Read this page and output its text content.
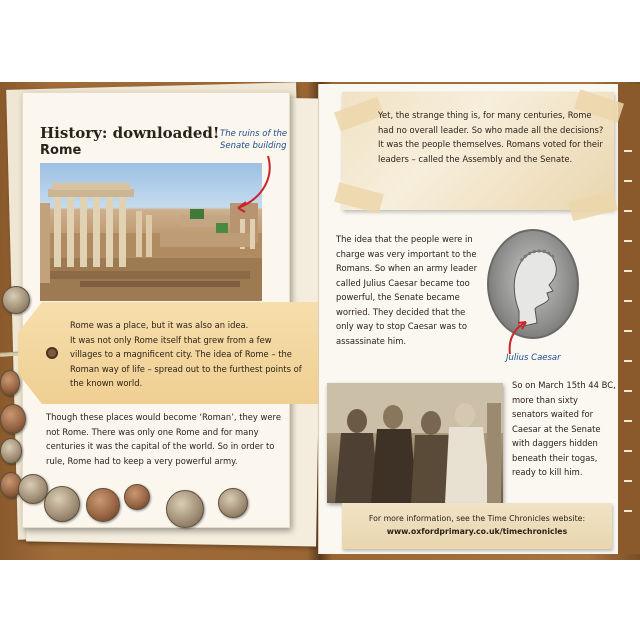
History: downloaded!
Rome
The ruins of the Senate building

Rome was a place, but it was also an idea.

It was not only Rome itself that grew from a few villages to a magnificent city. The idea of Rome – the Roman way of life – spread out to the furthest points of the known world.

Though these places would become ‘Roman’, they were not Rome. There was only one Rome and for many centuries it was the capital of the world. So in order to rule, Rome had to keep a very powerful army.

Yet, the strange thing is, for many centuries, Rome had no overall leader. So who made all the decisions?

It was the people themselves. Romans voted for their leaders – called the Assembly and the Senate.

The idea that the people were in charge was very important to the Romans. So when an army leader called Julius Caesar became too powerful, the Senate became worried. They decided that the only way to stop Caesar was to assassinate him.

Julius Caesar

So on March 15th 44 BC, more than sixty senators waited for Caesar at the Senate with daggers hidden beneath their togas, ready to kill him.

For more information, see the Time Chronicles website:
www.oxfordprimary.co.uk/timechronicles
